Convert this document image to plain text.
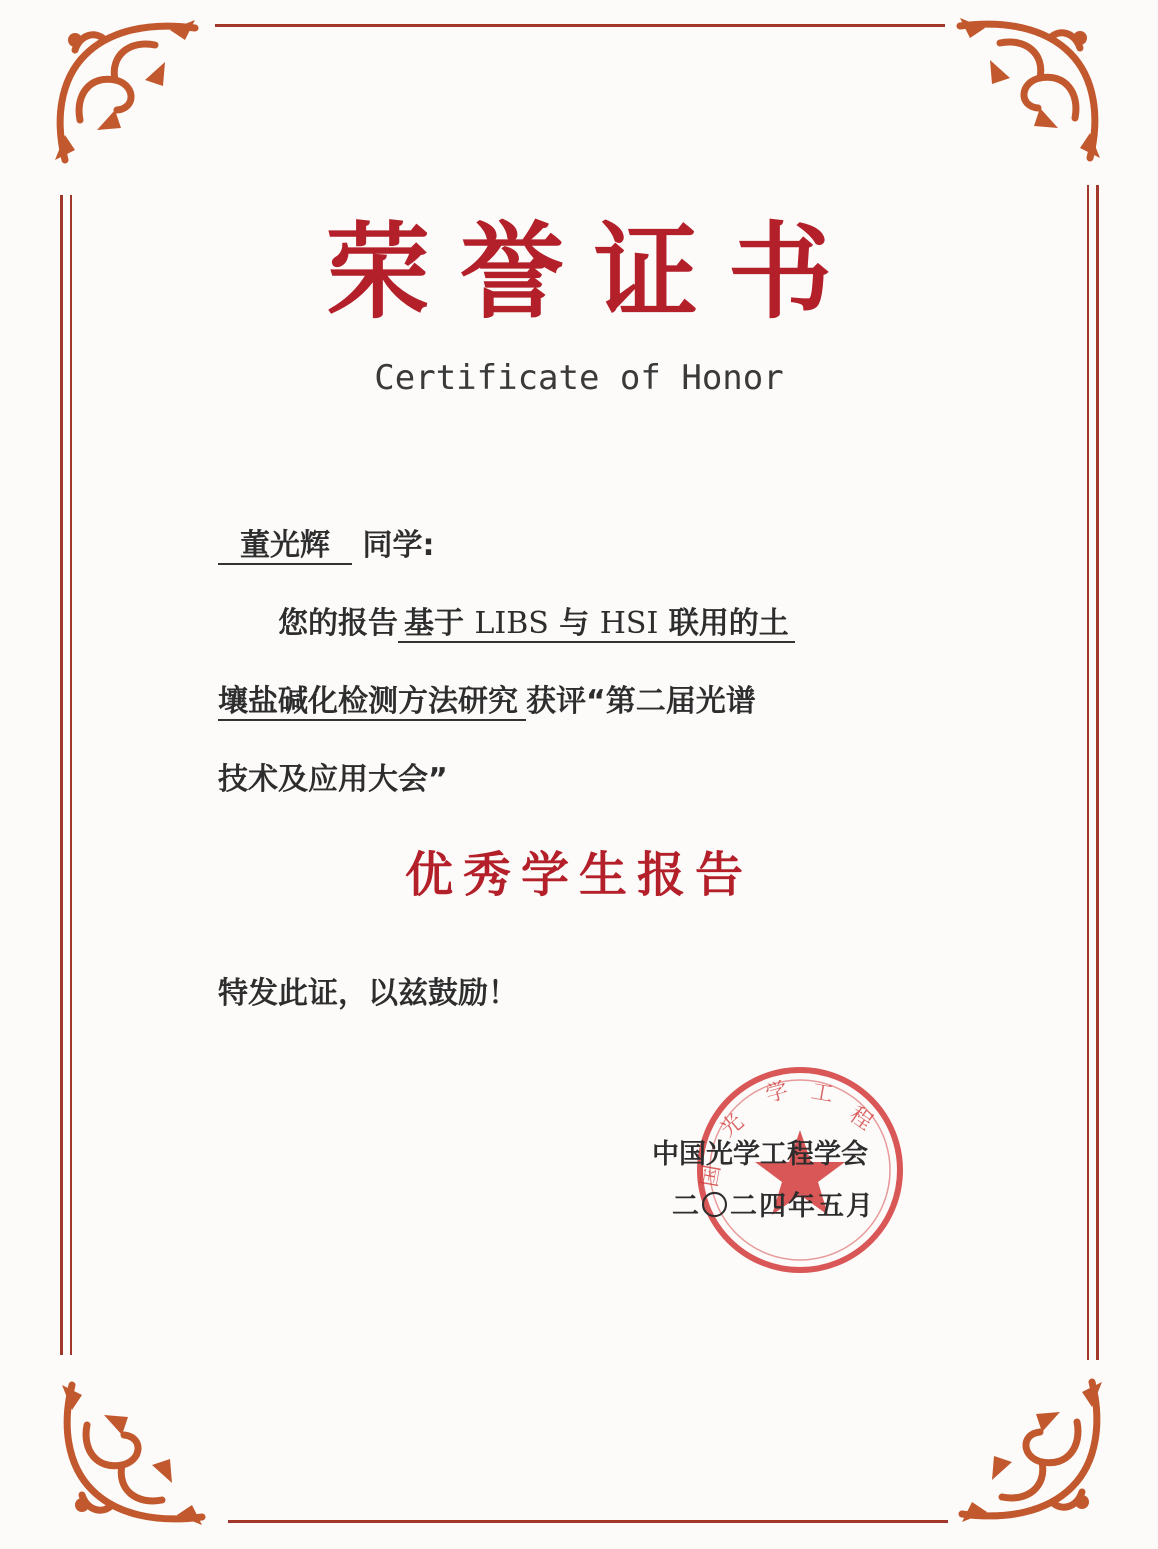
荣誉证书
Certificate of Honor
董光辉 同学:
您的报告 基于 LIBS 与 HSI 联用的土
壤盐碱化检测方法研究 获评“第二届光谱
技术及应用大会”
优秀学生报告
特发此证，以兹鼓励！
光
学 工
程
国
中国光学工程学会
二〇二四年五月
